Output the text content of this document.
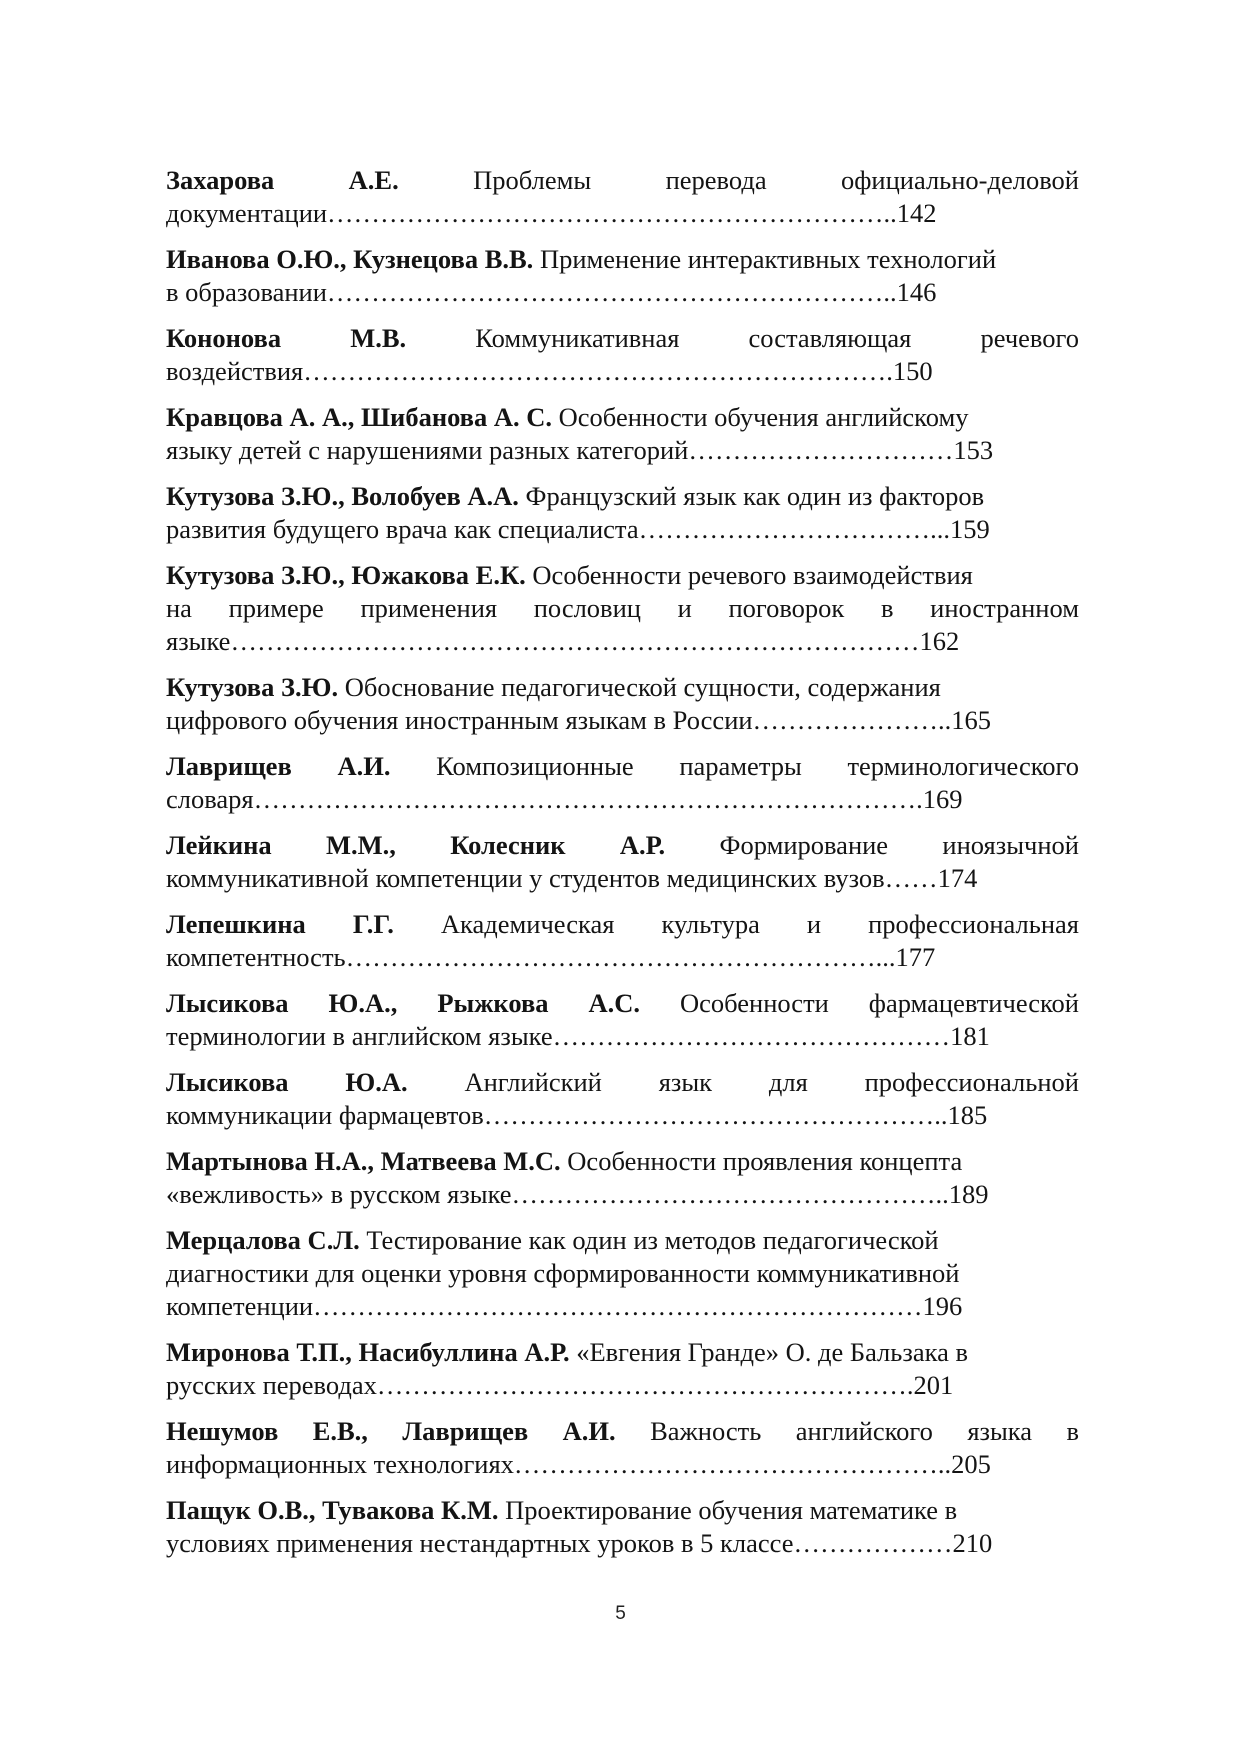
Захарова	А.Е.	Проблемы	перевода	официально-деловой
документации………………………………………………………..142
Иванова О.Ю., Кузнецова В.В. Применение интерактивных технологий
в образовании………………………………………………………..146
Кононова	М.В.	Коммуникативная	составляющая	речевого
воздействия………………………………………………………….150
Кравцова А. А., Шибанова А. С. Особенности обучения английскому
языку детей с нарушениями разных категорий…………………………153
Кутузова З.Ю., Волобуев А.А. Французский язык как один из факторов
развития будущего врача как специалиста……………………………...159
Кутузова З.Ю., Южакова Е.К. Особенности речевого взаимодействия
на примере применения пословиц и поговорок в иностранном
языке……………………………………………………………………162
Кутузова З.Ю. Обоснование педагогической сущности, содержания
цифрового обучения иностранным языкам в России…………………..165
Лаврищев А.И. Композиционные параметры терминологического
словаря………………………………………………………………….169
Лейкина М.М., Колесник А.Р. Формирование иноязычной
коммуникативной компетенции у студентов медицинских вузов……174
Лепешкина Г.Г. Академическая культура и профессиональная
компетентность……………………………………………………...177
Лысикова Ю.А., Рыжкова А.С. Особенности фармацевтической
терминологии в английском языке………………………………………181
Лысикова Ю.А. Английский язык для профессиональной
коммуникации фармацевтов……………………………………………..185
Мартынова Н.А., Матвеева М.С. Особенности проявления концепта
«вежливость» в русском языке…………………………………………..189
Мерцалова С.Л. Тестирование как один из методов педагогической
диагностики для оценки уровня сформированности коммуникативной
компетенции……………………………………………………………196
Миронова Т.П., Насибуллина А.Р. «Евгения Гранде» О. де Бальзака в
русских переводах…………………………………………………….201
Нешумов Е.В., Лаврищев А.И. Важность английского языка в
информационных технологиях…………………………………………..205
Пащук О.В., Тувакова К.М. Проектирование обучения математике в
условиях применения нестандартных уроков в 5 классе………………210
5
